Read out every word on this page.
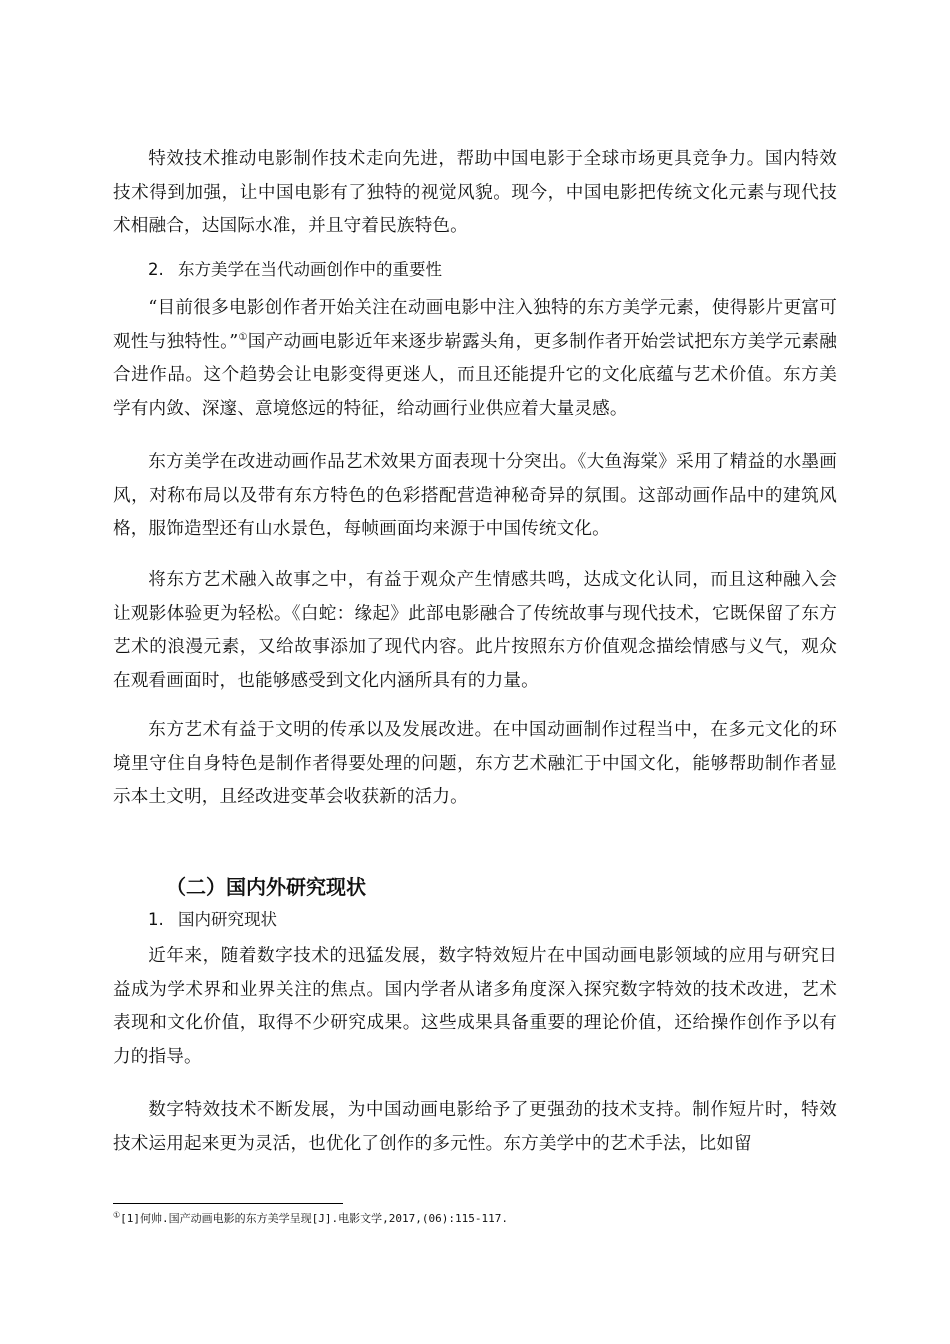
特效技术推动电影制作技术走向先进，帮助中国电影于全球市场更具竞争力。国内特效技术得到加强，让中国电影有了独特的视觉风貌。现今，中国电影把传统文化元素与现代技术相融合，达国际水准，并且守着民族特色。

2. 东方美学在当代动画创作中的重要性

“目前很多电影创作者开始关注在动画电影中注入独特的东方美学元素，使得影片更富可观性与独特性。”①国产动画电影近年来逐步崭露头角，更多制作者开始尝试把东方美学元素融合进作品。这个趋势会让电影变得更迷人，而且还能提升它的文化底蕴与艺术价值。东方美学有内敛、深邃、意境悠远的特征，给动画行业供应着大量灵感。

东方美学在改进动画作品艺术效果方面表现十分突出。《大鱼海棠》采用了精益的水墨画风，对称布局以及带有东方特色的色彩搭配营造神秘奇异的氛围。这部动画作品中的建筑风格，服饰造型还有山水景色，每帧画面均来源于中国传统文化。

将东方艺术融入故事之中，有益于观众产生情感共鸣，达成文化认同，而且这种融入会让观影体验更为轻松。《白蛇：缘起》此部电影融合了传统故事与现代技术，它既保留了东方艺术的浪漫元素，又给故事添加了现代内容。此片按照东方价值观念描绘情感与义气，观众在观看画面时，也能够感受到文化内涵所具有的力量。

东方艺术有益于文明的传承以及发展改进。在中国动画制作过程当中，在多元文化的环境里守住自身特色是制作者得要处理的问题，东方艺术融汇于中国文化，能够帮助制作者显示本土文明，且经改进变革会收获新的活力。

（二）国内外研究现状

1. 国内研究现状

近年来，随着数字技术的迅猛发展，数字特效短片在中国动画电影领域的应用与研究日益成为学术界和业界关注的焦点。国内学者从诸多角度深入探究数字特效的技术改进，艺术表现和文化价值，取得不少研究成果。这些成果具备重要的理论价值，还给操作创作予以有力的指导。

数字特效技术不断发展，为中国动画电影给予了更强劲的技术支持。制作短片时，特效技术运用起来更为灵活，也优化了创作的多元性。东方美学中的艺术手法，比如留

①[1]何帅.国产动画电影的东方美学呈现[J].电影文学,2017,(06):115-117.
